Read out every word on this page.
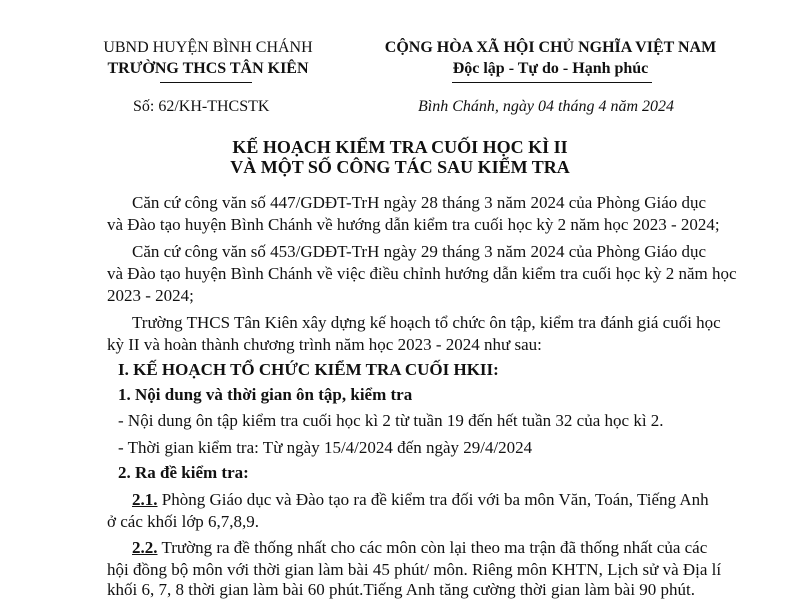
UBND HUYỆN BÌNH CHÁNH
TRƯỜNG THCS TÂN KIÊN
Số: 62/KH-THCSTK
CỘNG HÒA XÃ HỘI CHỦ NGHĨA VIỆT NAM
Độc lập - Tự do - Hạnh phúc
Bình Chánh, ngày 04 tháng 4 năm 2024
KẾ HOẠCH KIỂM TRA CUỐI HỌC KÌ II
VÀ MỘT SỐ CÔNG TÁC SAU KIỂM TRA
Căn cứ công văn số 447/GDĐT-TrH ngày 28 tháng 3 năm 2024 của Phòng Giáo dục
và Đào tạo huyện Bình Chánh về hướng dẫn kiểm tra cuối học kỳ 2 năm học 2023 - 2024;
Căn cứ công văn số 453/GDĐT-TrH ngày 29 tháng 3 năm 2024 của Phòng Giáo dục
và Đào tạo huyện Bình Chánh về việc điều chỉnh hướng dẫn kiểm tra cuối học kỳ 2 năm học
2023 - 2024;
Trường THCS Tân Kiên xây dựng kế hoạch tổ chức ôn tập, kiểm tra đánh giá cuối học
kỳ II và hoàn thành chương trình năm học 2023 - 2024 như sau:
I. KẾ HOẠCH TỔ CHỨC KIỂM TRA CUỐI HKII:
1. Nội dung và thời gian ôn tập, kiểm tra
- Nội dung ôn tập kiểm tra cuối học kì 2 từ tuần 19 đến hết tuần 32 của học kì 2.
- Thời gian kiểm tra: Từ ngày 15/4/2024 đến ngày 29/4/2024
2. Ra đề kiểm tra:
2.1. Phòng Giáo dục và Đào tạo ra đề kiểm tra đối với ba môn Văn, Toán, Tiếng Anh
ở các khối lớp 6,7,8,9.
2.2. Trường ra đề thống nhất cho các môn còn lại theo ma trận đã thống nhất của các
hội đồng bộ môn với thời gian làm bài 45 phút/ môn. Riêng môn KHTN, Lịch sử và Địa lí
khối 6, 7, 8 thời gian làm bài 60 phút.Tiếng Anh tăng cường thời gian làm bài 90 phút.
